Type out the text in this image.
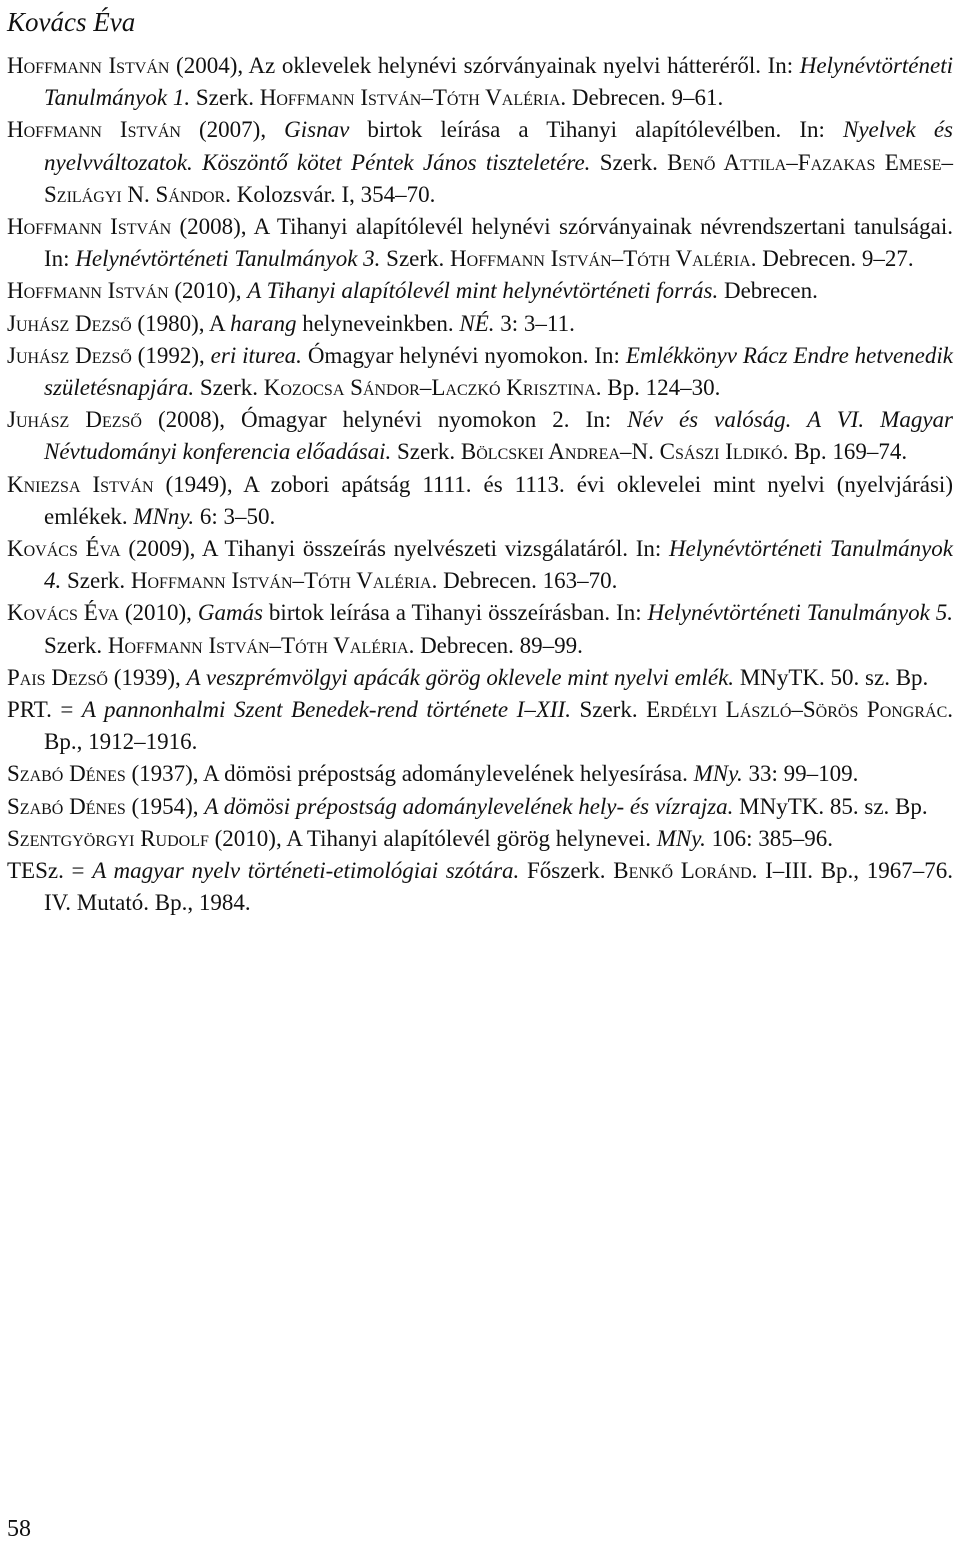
Kovács Éva
Hoffmann István (2004), Az oklevelek helynévi szórványainak nyelvi hátteréről. In: Helynévtörténeti Tanulmányok 1. Szerk. Hoffmann István–Tóth Valéria. Debrecen. 9–61.
Hoffmann István (2007), Gisnav birtok leírása a Tihanyi alapítólevélben. In: Nyelvek és nyelvváltozatok. Köszöntő kötet Péntek János tiszteletére. Szerk. Benő Attila–Fazakas Emese–Szilágyi N. Sándor. Kolozsvár. I, 354–70.
Hoffmann István (2008), A Tihanyi alapítólevél helynévi szórványainak névrendszertani tanulságai. In: Helynévtörténeti Tanulmányok 3. Szerk. Hoffmann István–Tóth Valéria. Debrecen. 9–27.
Hoffmann István (2010), A Tihanyi alapítólevél mint helynévtörténeti forrás. Debrecen.
Juhász Dezső (1980), A harang helyneveinkben. NÉ. 3: 3–11.
Juhász Dezső (1992), eri iturea. Ómagyar helynévi nyomokon. In: Emlékkönyv Rácz Endre hetvenedik születésnapjára. Szerk. Kozocsa Sándor–Laczkó Krisztina. Bp. 124–30.
Juhász Dezső (2008), Ómagyar helynévi nyomokon 2. In: Név és valóság. A VI. Magyar Névtudományi konferencia előadásai. Szerk. Bölcskei Andrea–N. Császi Ildikó. Bp. 169–74.
Kniezsa István (1949), A zobori apátság 1111. és 1113. évi oklevelei mint nyelvi (nyelvjárási) emlékek. MNny. 6: 3–50.
Kovács Éva (2009), A Tihanyi összeírás nyelvészeti vizsgálatáról. In: Helynévtörténeti Tanulmányok 4. Szerk. Hoffmann István–Tóth Valéria. Debrecen. 163–70.
Kovács Éva (2010), Gamás birtok leírása a Tihanyi összeírásban. In: Helynévtörténeti Tanulmányok 5. Szerk. Hoffmann István–Tóth Valéria. Debrecen. 89–99.
Pais Dezső (1939), A veszprémvölgyi apácák görög oklevele mint nyelvi emlék. MNyTK. 50. sz. Bp.
PRT. = A pannonhalmi Szent Benedek-rend története I–XII. Szerk. Erdélyi László–Sörös Pongrác. Bp., 1912–1916.
Szabó Dénes (1937), A dömösi prépostság adománylevelének helyesírása. MNy. 33: 99–109.
Szabó Dénes (1954), A dömösi prépostság adománylevelének hely- és vízrajza. MNyTK. 85. sz. Bp.
Szentgyörgyi Rudolf (2010), A Tihanyi alapítólevél görög helynevei. MNy. 106: 385–96.
TESz. = A magyar nyelv történeti-etimológiai szótára. Főszerk. Benkő Loránd. I–III. Bp., 1967–76. IV. Mutató. Bp., 1984.
58
